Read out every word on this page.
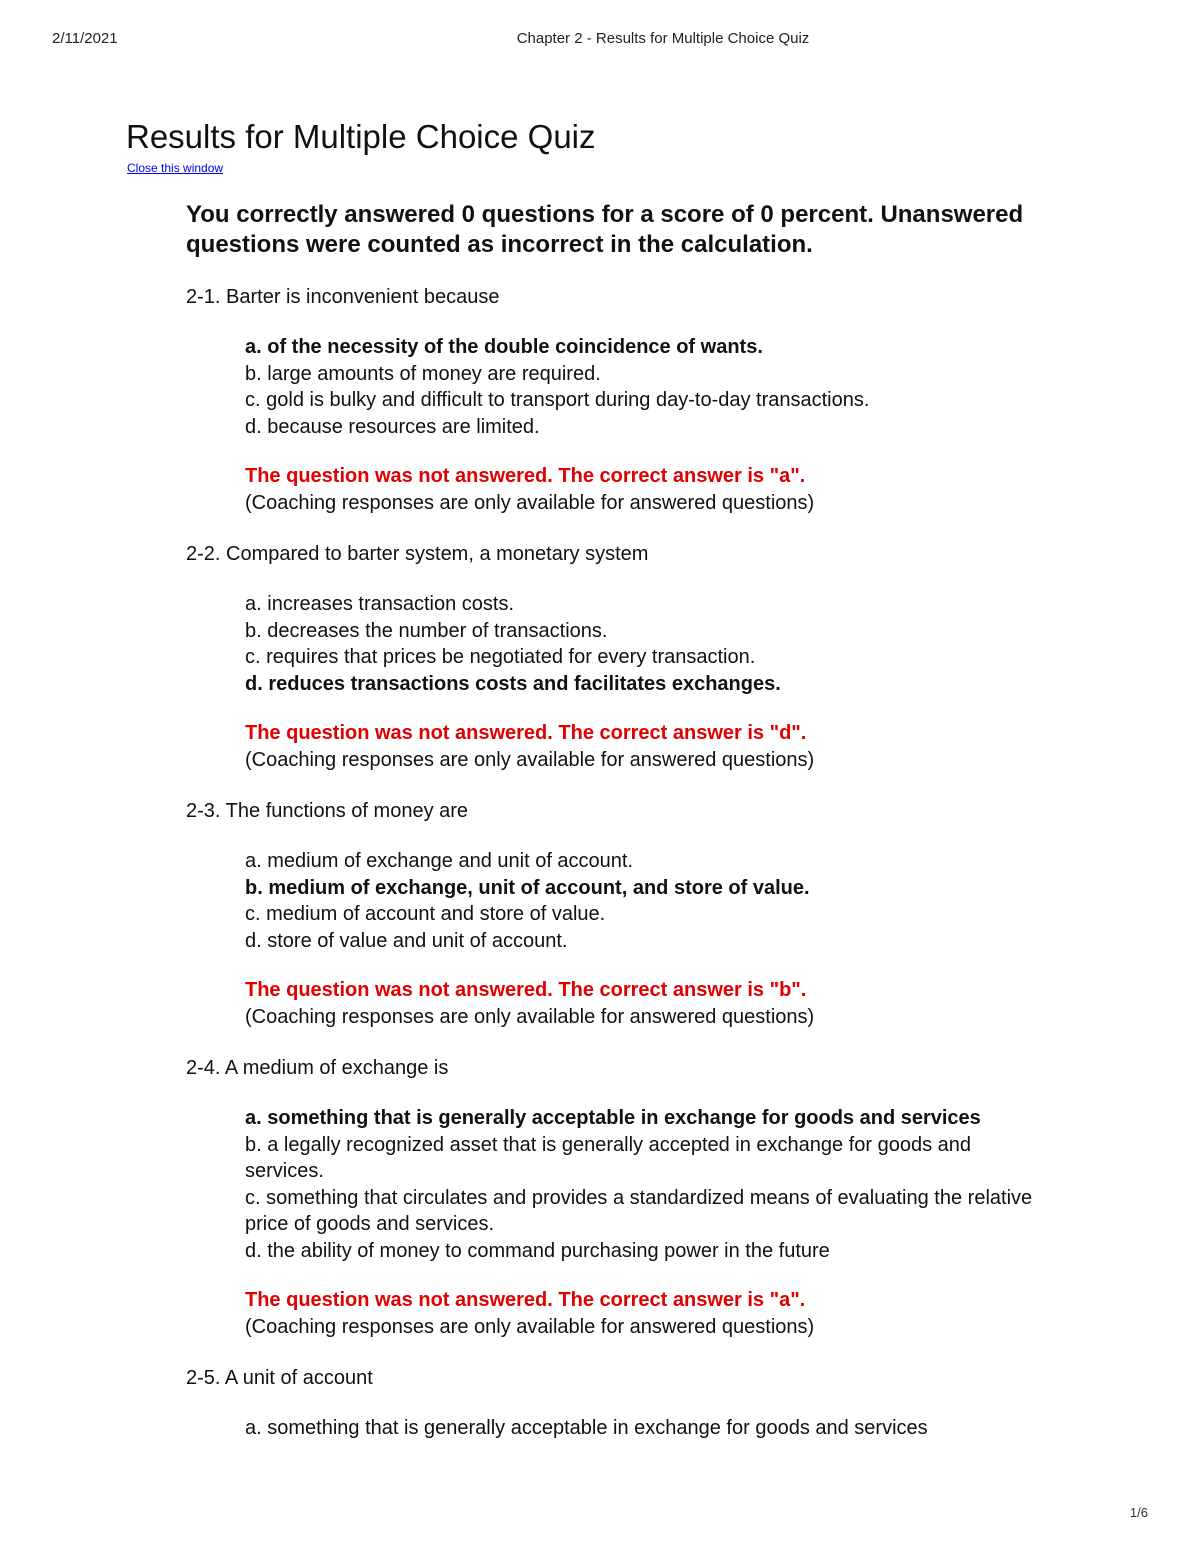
2/11/2021	Chapter 2 - Results for Multiple Choice Quiz
Results for Multiple Choice Quiz
Close this window

You correctly answered 0 questions for a score of 0 percent. Unanswered questions were counted as incorrect in the calculation.

2-1 . Barter is inconvenient because

a . of the necessity of the double coincidence of wants.

b . large amounts of money are required.

c . gold is bulky and difficult to transport during day-to-day transactions.

d . because resources are limited.

The question was not answered. The correct answer is "a".

(Coaching responses are only available for answered questions)

2-2 . Compared to barter system, a monetary system

a . increases transaction costs.

b . decreases the number of transactions.

c . requires that prices be negotiated for every transaction.

d . reduces transactions costs and facilitates exchanges.

The question was not answered. The correct answer is "d".

(Coaching responses are only available for answered questions)

2-3 . The functions of money are

a . medium of exchange and unit of account.

b . medium of exchange, unit of account, and store of value.

c . medium of account and store of value.

d . store of value and unit of account.

The question was not answered. The correct answer is "b".

(Coaching responses are only available for answered questions)

2-4 . A medium of exchange is

a . something that is generally acceptable in exchange for goods and services

b . a legally recognized asset that is generally accepted in exchange for goods and services.

c . something that circulates and provides a standardized means of evaluating the relative price of goods and services.

d . the ability of money to command purchasing power in the future

The question was not answered. The correct answer is "a".

(Coaching responses are only available for answered questions)

2-5 . A unit of account

a . something that is generally acceptable in exchange for goods and services

1/6
